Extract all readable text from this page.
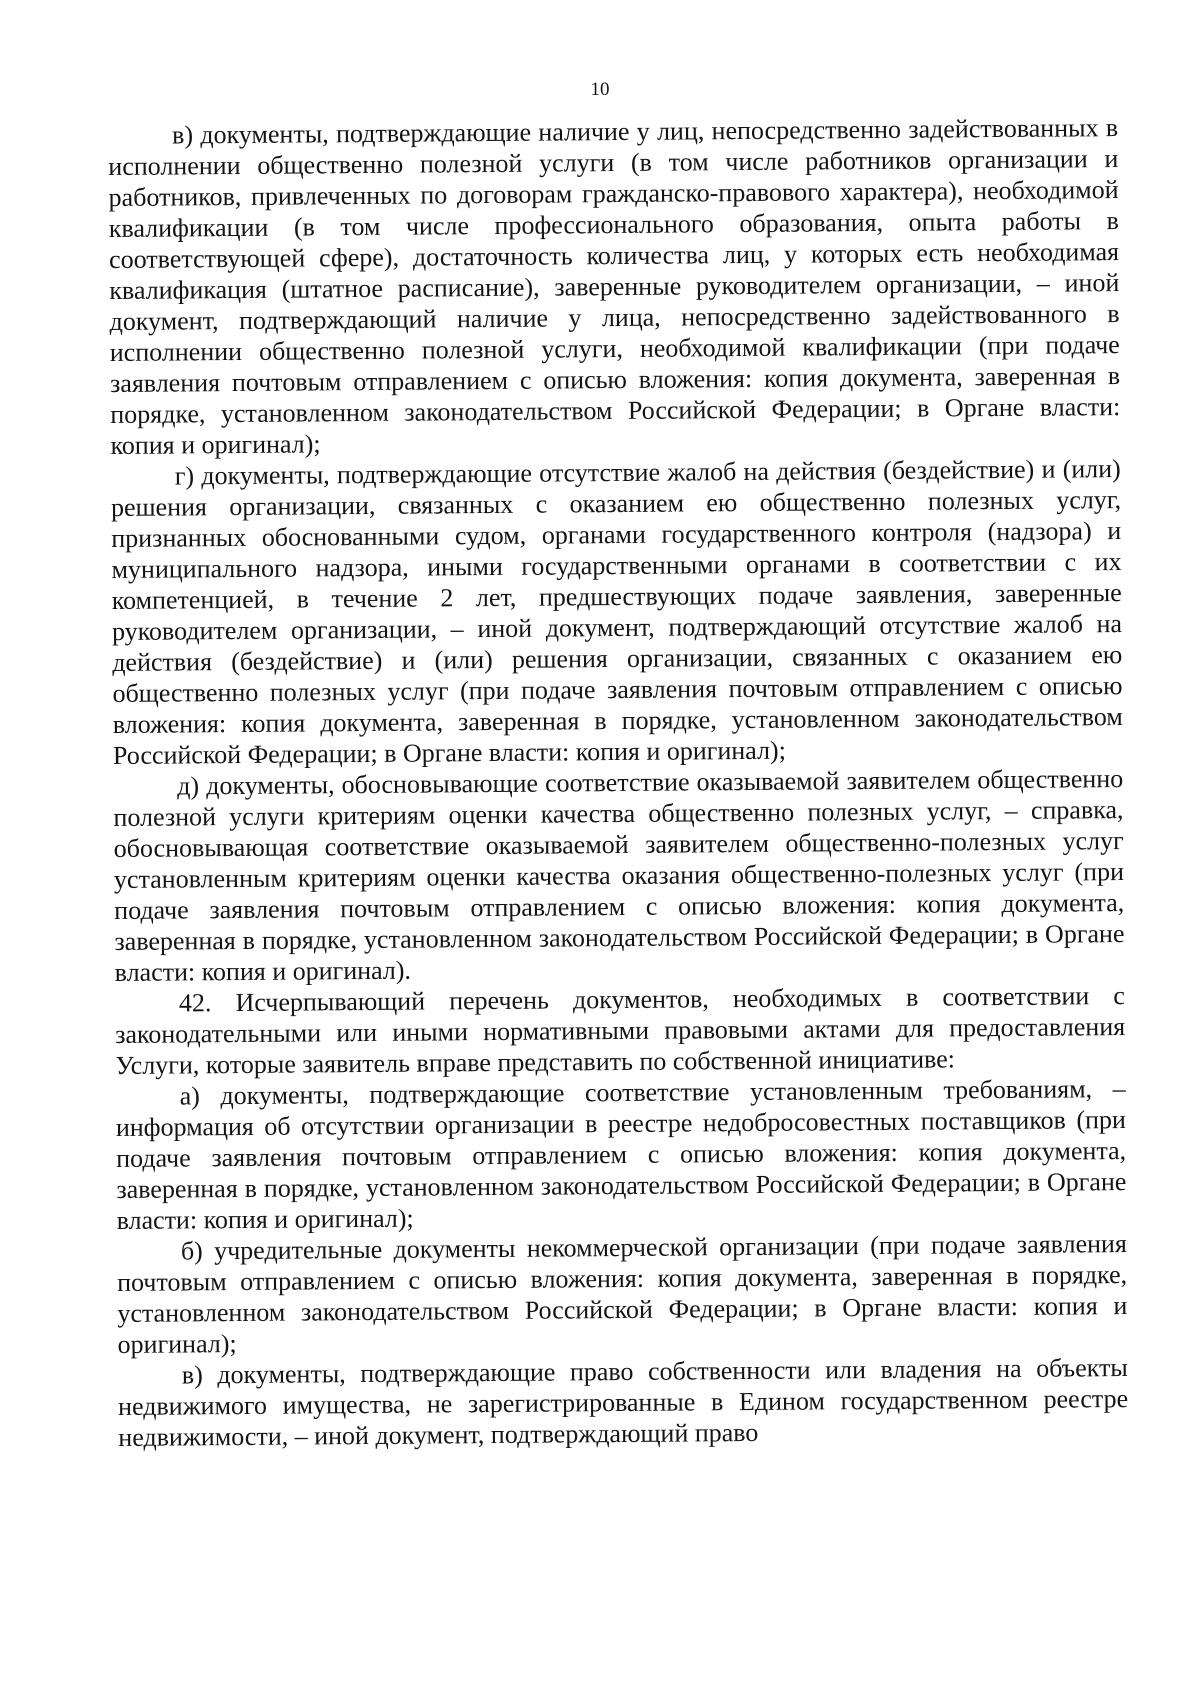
10

в) документы, подтверждающие наличие у лиц, непосредственно задействованных в исполнении общественно полезной услуги (в том числе работников организации и работников, привлеченных по договорам гражданско-правового характера), необходимой квалификации (в том числе профессионального образования, опыта работы в соответствующей сфере), достаточность количества лиц, у которых есть необходимая квалификация (штатное расписание), заверенные руководителем организации, – иной документ, подтверждающий наличие у лица, непосредственно задействованного в исполнении общественно полезной услуги, необходимой квалификации (при подаче заявления почтовым отправлением с описью вложения: копия документа, заверенная в порядке, установленном законодательством Российской Федерации; в Органе власти: копия и оригинал);

г) документы, подтверждающие отсутствие жалоб на действия (бездействие) и (или) решения организации, связанных с оказанием ею общественно полезных услуг, признанных обоснованными судом, органами государственного контроля (надзора) и муниципального надзора, иными государственными органами в соответствии с их компетенцией, в течение 2 лет, предшествующих подаче заявления, заверенные руководителем организации, – иной документ, подтверждающий отсутствие жалоб на действия (бездействие) и (или) решения организации, связанных с оказанием ею общественно полезных услуг (при подаче заявления почтовым отправлением с описью вложения: копия документа, заверенная в порядке, установленном законодательством Российской Федерации; в Органе власти: копия и оригинал);

д) документы, обосновывающие соответствие оказываемой заявителем общественно полезной услуги критериям оценки качества общественно полезных услуг, – справка, обосновывающая соответствие оказываемой заявителем общественно-полезных услуг установленным критериям оценки качества оказания общественно-полезных услуг (при подаче заявления почтовым отправлением с описью вложения: копия документа, заверенная в порядке, установленном законодательством Российской Федерации; в Органе власти: копия и оригинал).

42. Исчерпывающий перечень документов, необходимых в соответствии с законодательными или иными нормативными правовыми актами для предоставления Услуги, которые заявитель вправе представить по собственной инициативе:

а) документы, подтверждающие соответствие установленным требованиям, – информация об отсутствии организации в реестре недобросовестных поставщиков (при подаче заявления почтовым отправлением с описью вложения: копия документа, заверенная в порядке, установленном законодательством Российской Федерации; в Органе власти: копия и оригинал);

б) учредительные документы некоммерческой организации (при подаче заявления почтовым отправлением с описью вложения: копия документа, заверенная в порядке, установленном законодательством Российской Федерации; в Органе власти: копия и оригинал);

в) документы, подтверждающие право собственности или владения на объекты недвижимого имущества, не зарегистрированные в Едином государственном реестре недвижимости, – иной документ, подтверждающий право
